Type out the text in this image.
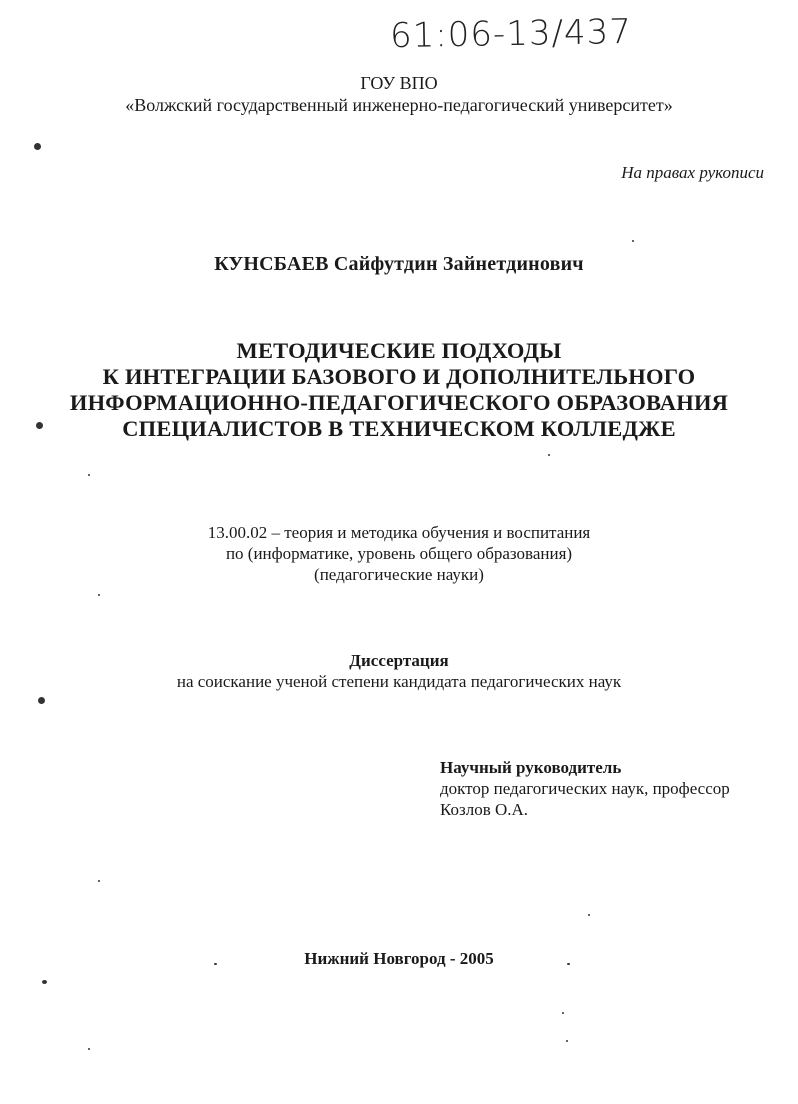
61:06-13/437
ГОУ ВПО
«Волжский государственный инженерно-педагогический университет»
На правах рукописи
КУНСБАЕВ Сайфутдин Зайнетдинович
МЕТОДИЧЕСКИЕ ПОДХОДЫ
К ИНТЕГРАЦИИ БАЗОВОГО И ДОПОЛНИТЕЛЬНОГО
ИНФОРМАЦИОННО-ПЕДАГОГИЧЕСКОГО ОБРАЗОВАНИЯ
СПЕЦИАЛИСТОВ В ТЕХНИЧЕСКОМ КОЛЛЕДЖЕ
13.00.02 – теория и методика обучения и воспитания
по (информатике, уровень общего образования)
(педагогические науки)
Диссертация
на соискание ученой степени кандидата педагогических наук
Научный руководитель
доктор педагогических наук, профессор
Козлов О.А.
Нижний Новгород - 2005
